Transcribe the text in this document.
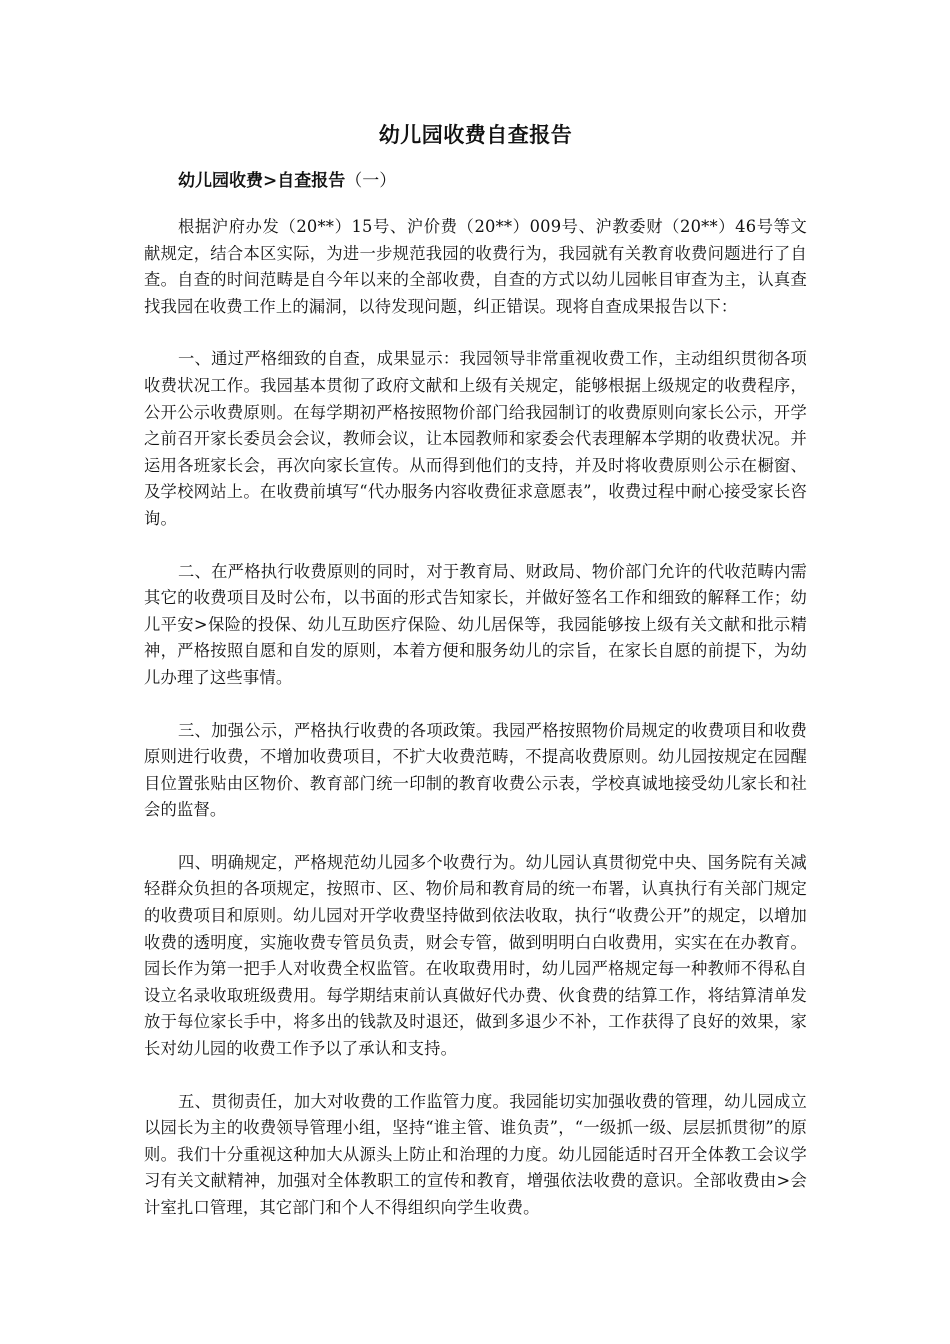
幼儿园收费自查报告
幼儿园收费>自查报告（一）

根据沪府办发（20**）15号、沪价费（20**）009号、沪教委财（20**）46号等文献规定，结合本区实际，为进一步规范我园的收费行为，我园就有关教育收费问题进行了自查。自查的时间范畴是自今年以来的全部收费，自查的方式以幼儿园帐目审查为主，认真查找我园在收费工作上的漏洞，以待发现问题，纠正错误。现将自查成果报告以下：

一、通过严格细致的自查，成果显示：我园领导非常重视收费工作，主动组织贯彻各项收费状况工作。我园基本贯彻了政府文献和上级有关规定，能够根据上级规定的收费程序，公开公示收费原则。在每学期初严格按照物价部门给我园制订的收费原则向家长公示，开学之前召开家长委员会会议，教师会议，让本园教师和家委会代表理解本学期的收费状况。并运用各班家长会，再次向家长宣传。从而得到他们的支持，并及时将收费原则公示在橱窗、及学校网站上。在收费前填写“代办服务内容收费征求意愿表”，收费过程中耐心接受家长咨询。

二、在严格执行收费原则的同时，对于教育局、财政局、物价部门允许的代收范畴内需其它的收费项目及时公布，以书面的形式告知家长，并做好签名工作和细致的解释工作；幼儿平安>保险的投保、幼儿互助医疗保险、幼儿居保等，我园能够按上级有关文献和批示精神，严格按照自愿和自发的原则，本着方便和服务幼儿的宗旨，在家长自愿的前提下，为幼儿办理了这些事情。

三、加强公示，严格执行收费的各项政策。我园严格按照物价局规定的收费项目和收费原则进行收费，不增加收费项目，不扩大收费范畴，不提高收费原则。幼儿园按规定在园醒目位置张贴由区物价、教育部门统一印制的教育收费公示表，学校真诚地接受幼儿家长和社会的监督。

四、明确规定，严格规范幼儿园多个收费行为。幼儿园认真贯彻党中央、国务院有关减轻群众负担的各项规定，按照市、区、物价局和教育局的统一布署，认真执行有关部门规定的收费项目和原则。幼儿园对开学收费坚持做到依法收取，执行“收费公开”的规定，以增加收费的透明度，实施收费专管员负责，财会专管，做到明明白白收费用，实实在在办教育。园长作为第一把手人对收费全权监管。在收取费用时，幼儿园严格规定每一种教师不得私自设立名录收取班级费用。每学期结束前认真做好代办费、伙食费的结算工作，将结算清单发放于每位家长手中，将多出的钱款及时退还，做到多退少不补，工作获得了良好的效果，家长对幼儿园的收费工作予以了承认和支持。

五、贯彻责任，加大对收费的工作监管力度。我园能切实加强收费的管理，幼儿园成立以园长为主的收费领导管理小组，坚持“谁主管、谁负责”，“一级抓一级、层层抓贯彻”的原则。我们十分重视这种加大从源头上防止和治理的力度。幼儿园能适时召开全体教工会议学习有关文献精神，加强对全体教职工的宣传和教育，增强依法收费的意识。全部收费由>会计室扎口管理，其它部门和个人不得组织向学生收费。
